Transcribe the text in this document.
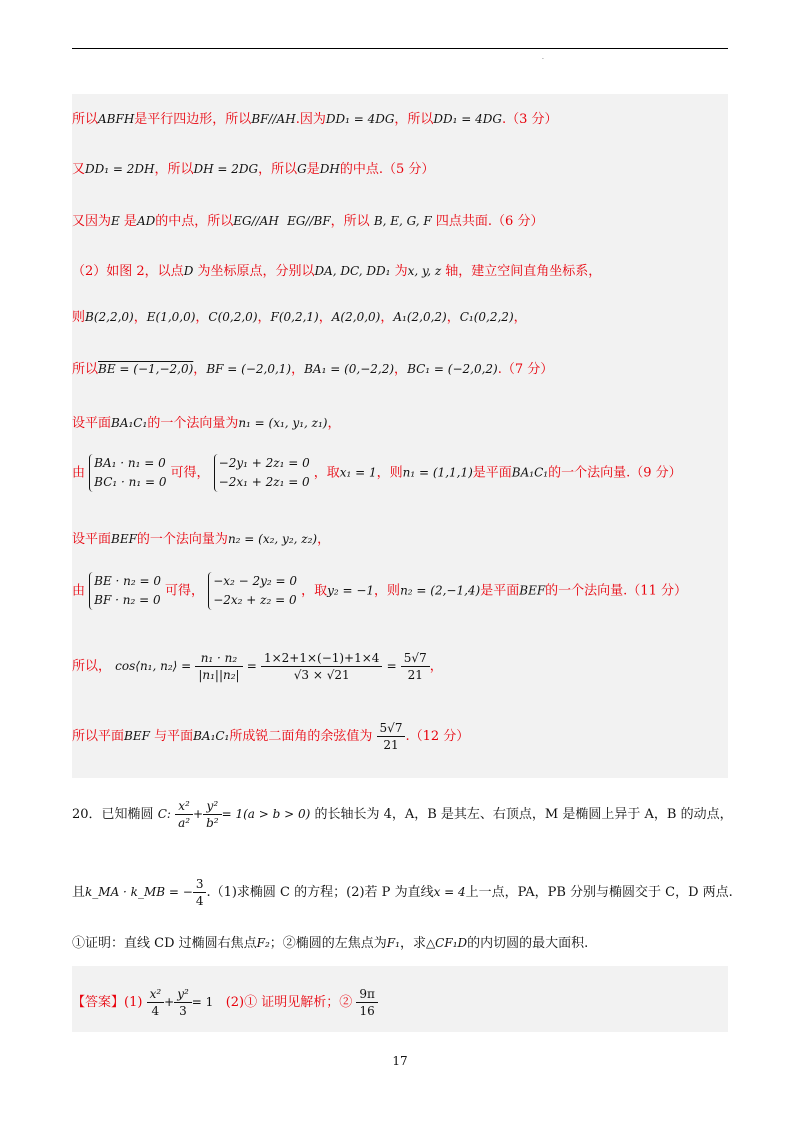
·
所以ABFH是平行四边形，所以BF//AH.因为DD₁ = 4DG，所以DD₁ = 4DG.（3 分）
又DD₁ = 2DH，所以DH = 2DG，所以G是DH的中点.（5 分）
又因为E 是AD的中点，所以EG//AH EG//BF，所以 B, E, G, F 四点共面.（6 分）
（2）如图 2，以点D 为坐标原点，分别以DA, DC, DD₁ 为x, y, z 轴，建立空间直角坐标系，
则B(2,2,0)，E(1,0,0)，C(0,2,0)，F(0,2,1)，A(2,0,0)，A₁(2,0,2)，C₁(0,2,2)，
所以BE = (−1,−2,0)，BF = (−2,0,1)，BA₁ = (0,−2,2)，BC₁ = (−2,0,2).（7 分）
设平面BA₁C₁的一个法向量为n₁ = (x₁, y₁, z₁)，
由
BA₁ · n₁ = 0
BC₁ · n₁ = 0
可得，
−2y₁ + 2z₁ = 0
−2x₁ + 2z₁ = 0
，取x₁ = 1，则n₁ = (1,1,1)是平面BA₁C₁的一个法向量.（9 分）
设平面BEF的一个法向量为n₂ = (x₂, y₂, z₂)，
由
BE · n₂ = 0
BF · n₂ = 0
可得，
−x₂ − 2y₂ = 0
−2x₂ + z₂ = 0
，取y₂ = −1，则n₂ = (2,−1,4)是平面BEF的一个法向量.（11 分）
所以， cos⟨n₁, n₂⟩ = $\frac{\text{n₁ · n₂}}{\text{|n₁||n₂|}} = \frac{1\times 2+1\times(-1)+1\times 4}{√3 \times √21} = \frac{5√7}{21}$ ，
所以平面BEF 与平面BA₁C₁所成锐二面角的余弦值为 $\frac{5√7}{21} .(12$ 分）
20．已知椭圆 C: $\frac{\text{x²}}{\text{a²}} + \frac{\text{y²}}{\text{b²}} = 1(a > b > 0)$ 的长轴长为 4，A，B 是其左、右顶点，M 是椭圆上异于 A，B 的动点，
且k_MA · k_MB = − $\frac{3}{4} .(1)$求椭圆 C 的方程；(2)若 P 为直线x = 4上一点，PA，PB 分别与椭圆交于 C，D 两点.
①证明：直线 CD 过椭圆右焦点F₂；②椭圆的左焦点为F₁，求△CF₁D的内切圆的最大面积.
【答案】$(1) \frac{\text{x²}}{4} + \frac{\text{y²}}{3} = 1$ (2)① 证明见解析；② $\frac{9\pi}{16}$
17
